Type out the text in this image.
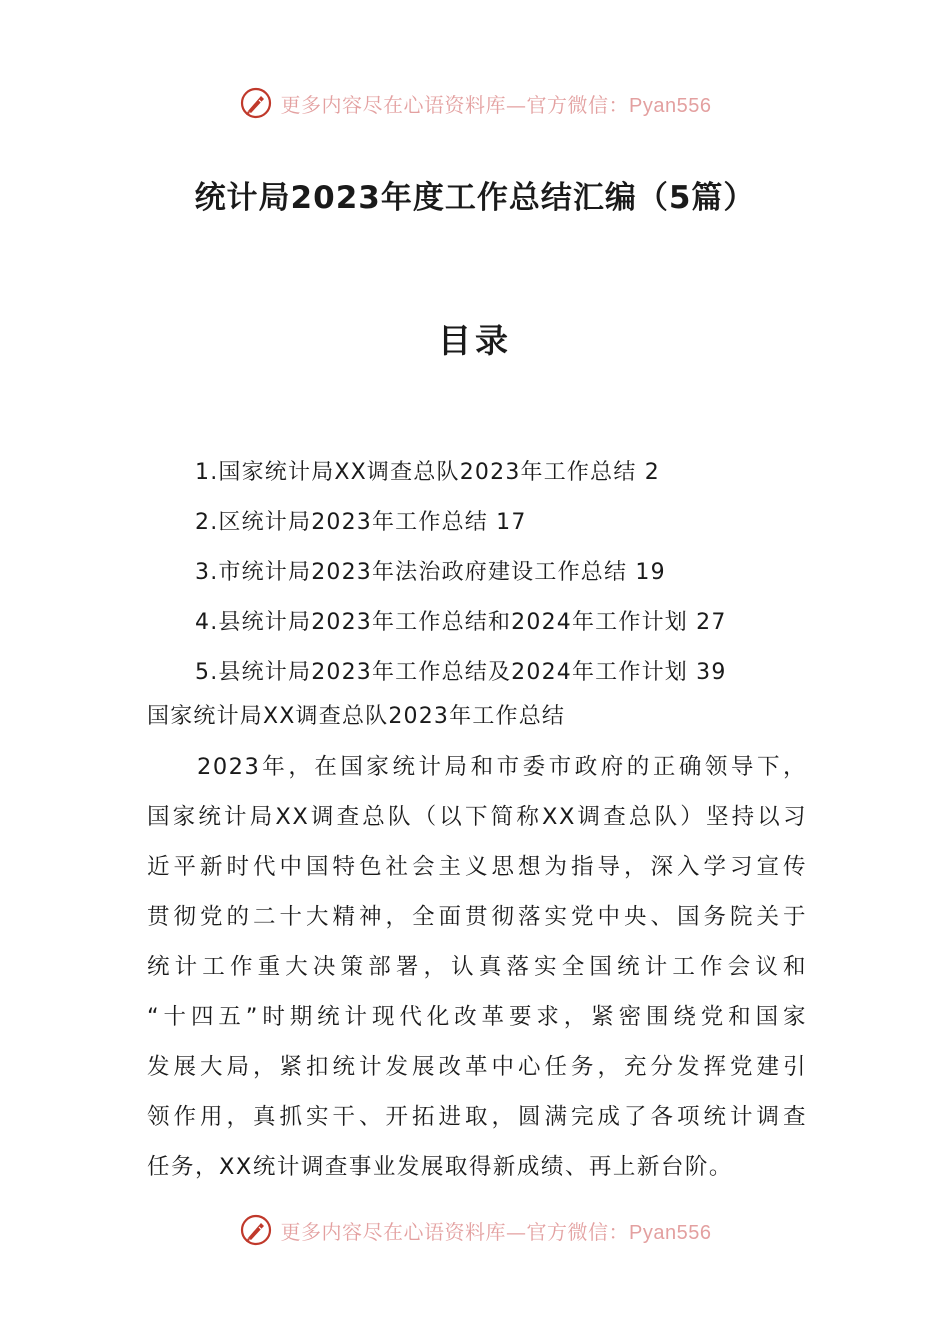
更多内容尽在心语资料库—官方微信：Pyan556
统计局2023年度工作总结汇编（5篇）
目录
1.国家统计局XX调查总队2023年工作总结 2
2.区统计局2023年工作总结 17
3.市统计局2023年法治政府建设工作总结 19
4.县统计局2023年工作总结和2024年工作计划 27
5.县统计局2023年工作总结及2024年工作计划 39
国家统计局XX调查总队2023年工作总结
2023年，在国家统计局和市委市政府的正确领导下，
国家统计局XX调查总队（以下简称XX调查总队）坚持以习
近平新时代中国特色社会主义思想为指导，深入学习宣传
贯彻党的二十大精神，全面贯彻落实党中央、国务院关于
统计工作重大决策部署，认真落实全国统计工作会议和
“十四五”时期统计现代化改革要求，紧密围绕党和国家
发展大局，紧扣统计发展改革中心任务，充分发挥党建引
领作用，真抓实干、开拓进取，圆满完成了各项统计调查
任务，XX统计调查事业发展取得新成绩、再上新台阶。
更多内容尽在心语资料库—官方微信：Pyan556
